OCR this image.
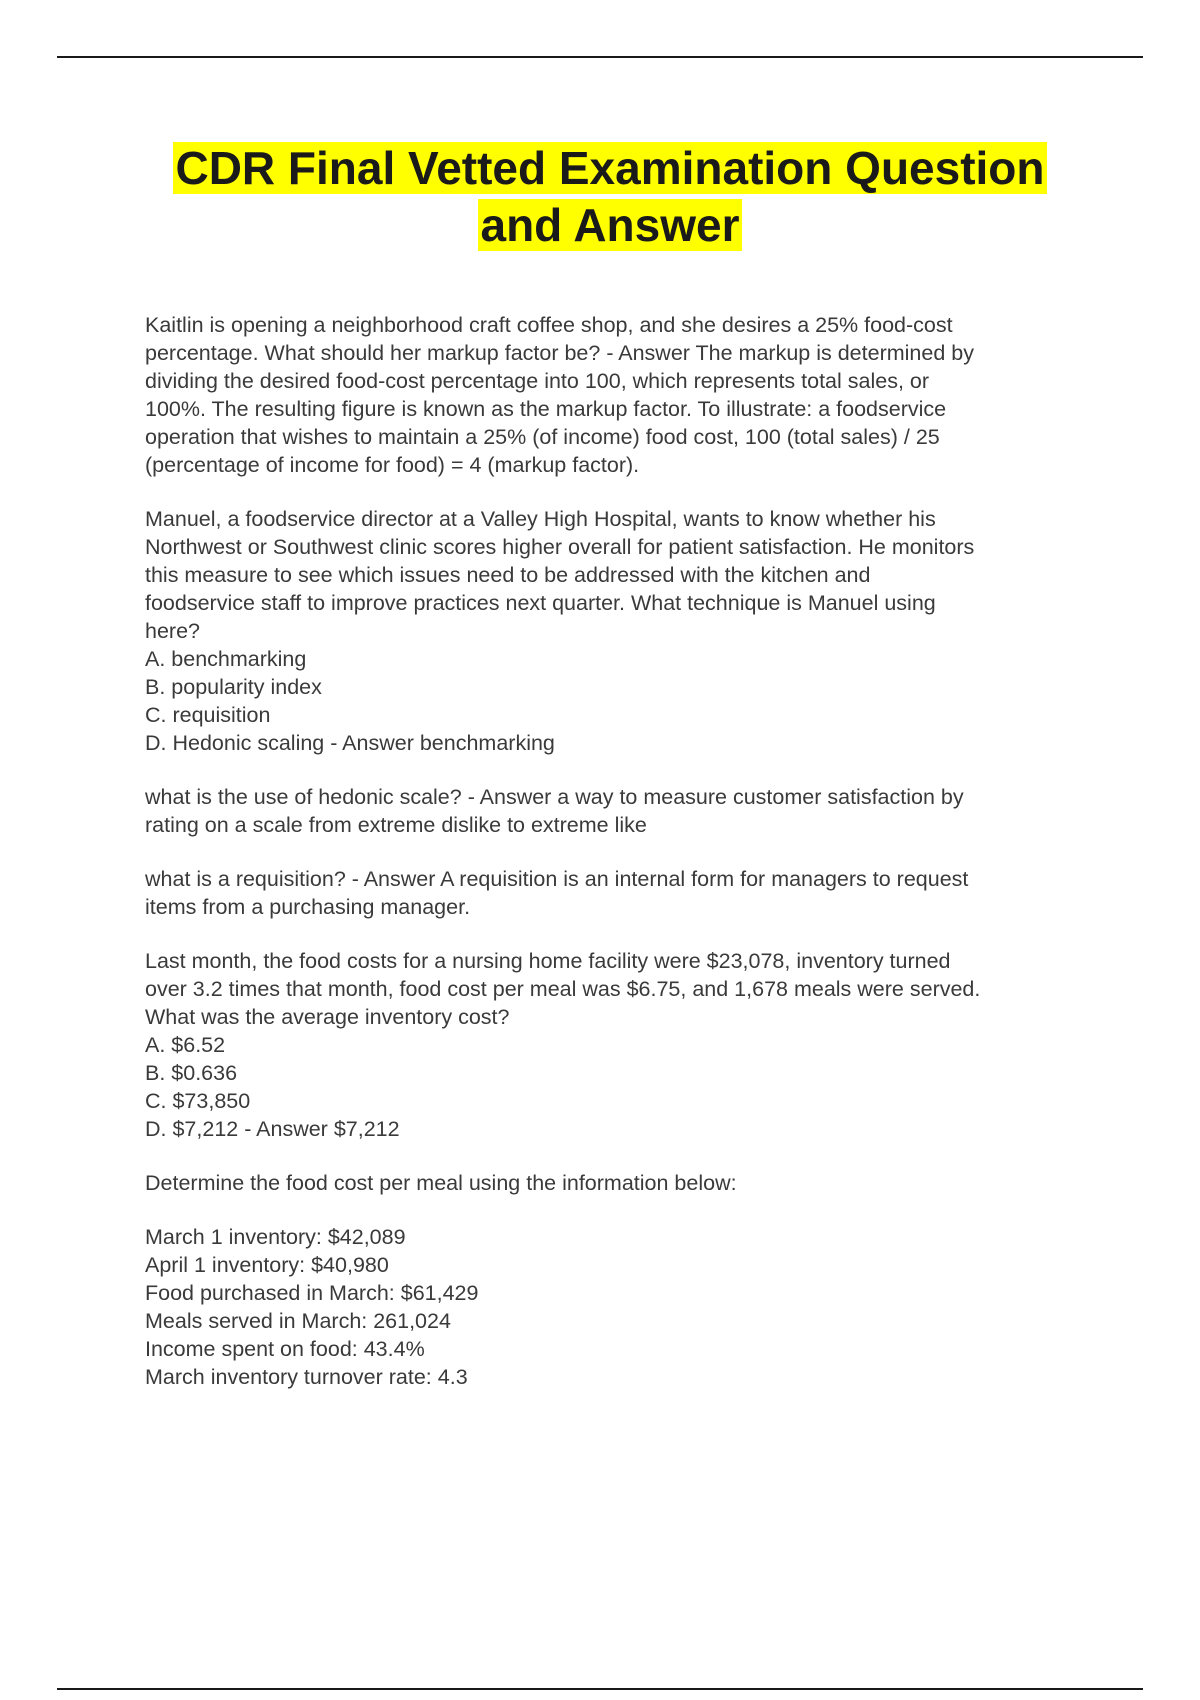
CDR Final Vetted Examination Question
and Answer
Kaitlin is opening a neighborhood craft coffee shop, and she desires a 25% food-cost
percentage. What should her markup factor be? - Answer The markup is determined by
dividing the desired food-cost percentage into 100, which represents total sales, or
100%. The resulting figure is known as the markup factor. To illustrate: a foodservice
operation that wishes to maintain a 25% (of income) food cost, 100 (total sales) / 25
(percentage of income for food) = 4 (markup factor).
Manuel, a foodservice director at a Valley High Hospital, wants to know whether his
Northwest or Southwest clinic scores higher overall for patient satisfaction. He monitors
this measure to see which issues need to be addressed with the kitchen and
foodservice staff to improve practices next quarter. What technique is Manuel using
here?
A. benchmarking
B. popularity index
C. requisition
D. Hedonic scaling - Answer benchmarking
what is the use of hedonic scale? - Answer a way to measure customer satisfaction by
rating on a scale from extreme dislike to extreme like
what is a requisition? - Answer A requisition is an internal form for managers to request
items from a purchasing manager.
Last month, the food costs for a nursing home facility were $23,078, inventory turned
over 3.2 times that month, food cost per meal was $6.75, and 1,678 meals were served.
What was the average inventory cost?
A. $6.52
B. $0.636
C. $73,850
D. $7,212 - Answer $7,212
Determine the food cost per meal using the information below:
March 1 inventory: $42,089
April 1 inventory: $40,980
Food purchased in March: $61,429
Meals served in March: 261,024
Income spent on food: 43.4%
March inventory turnover rate: 4.3
